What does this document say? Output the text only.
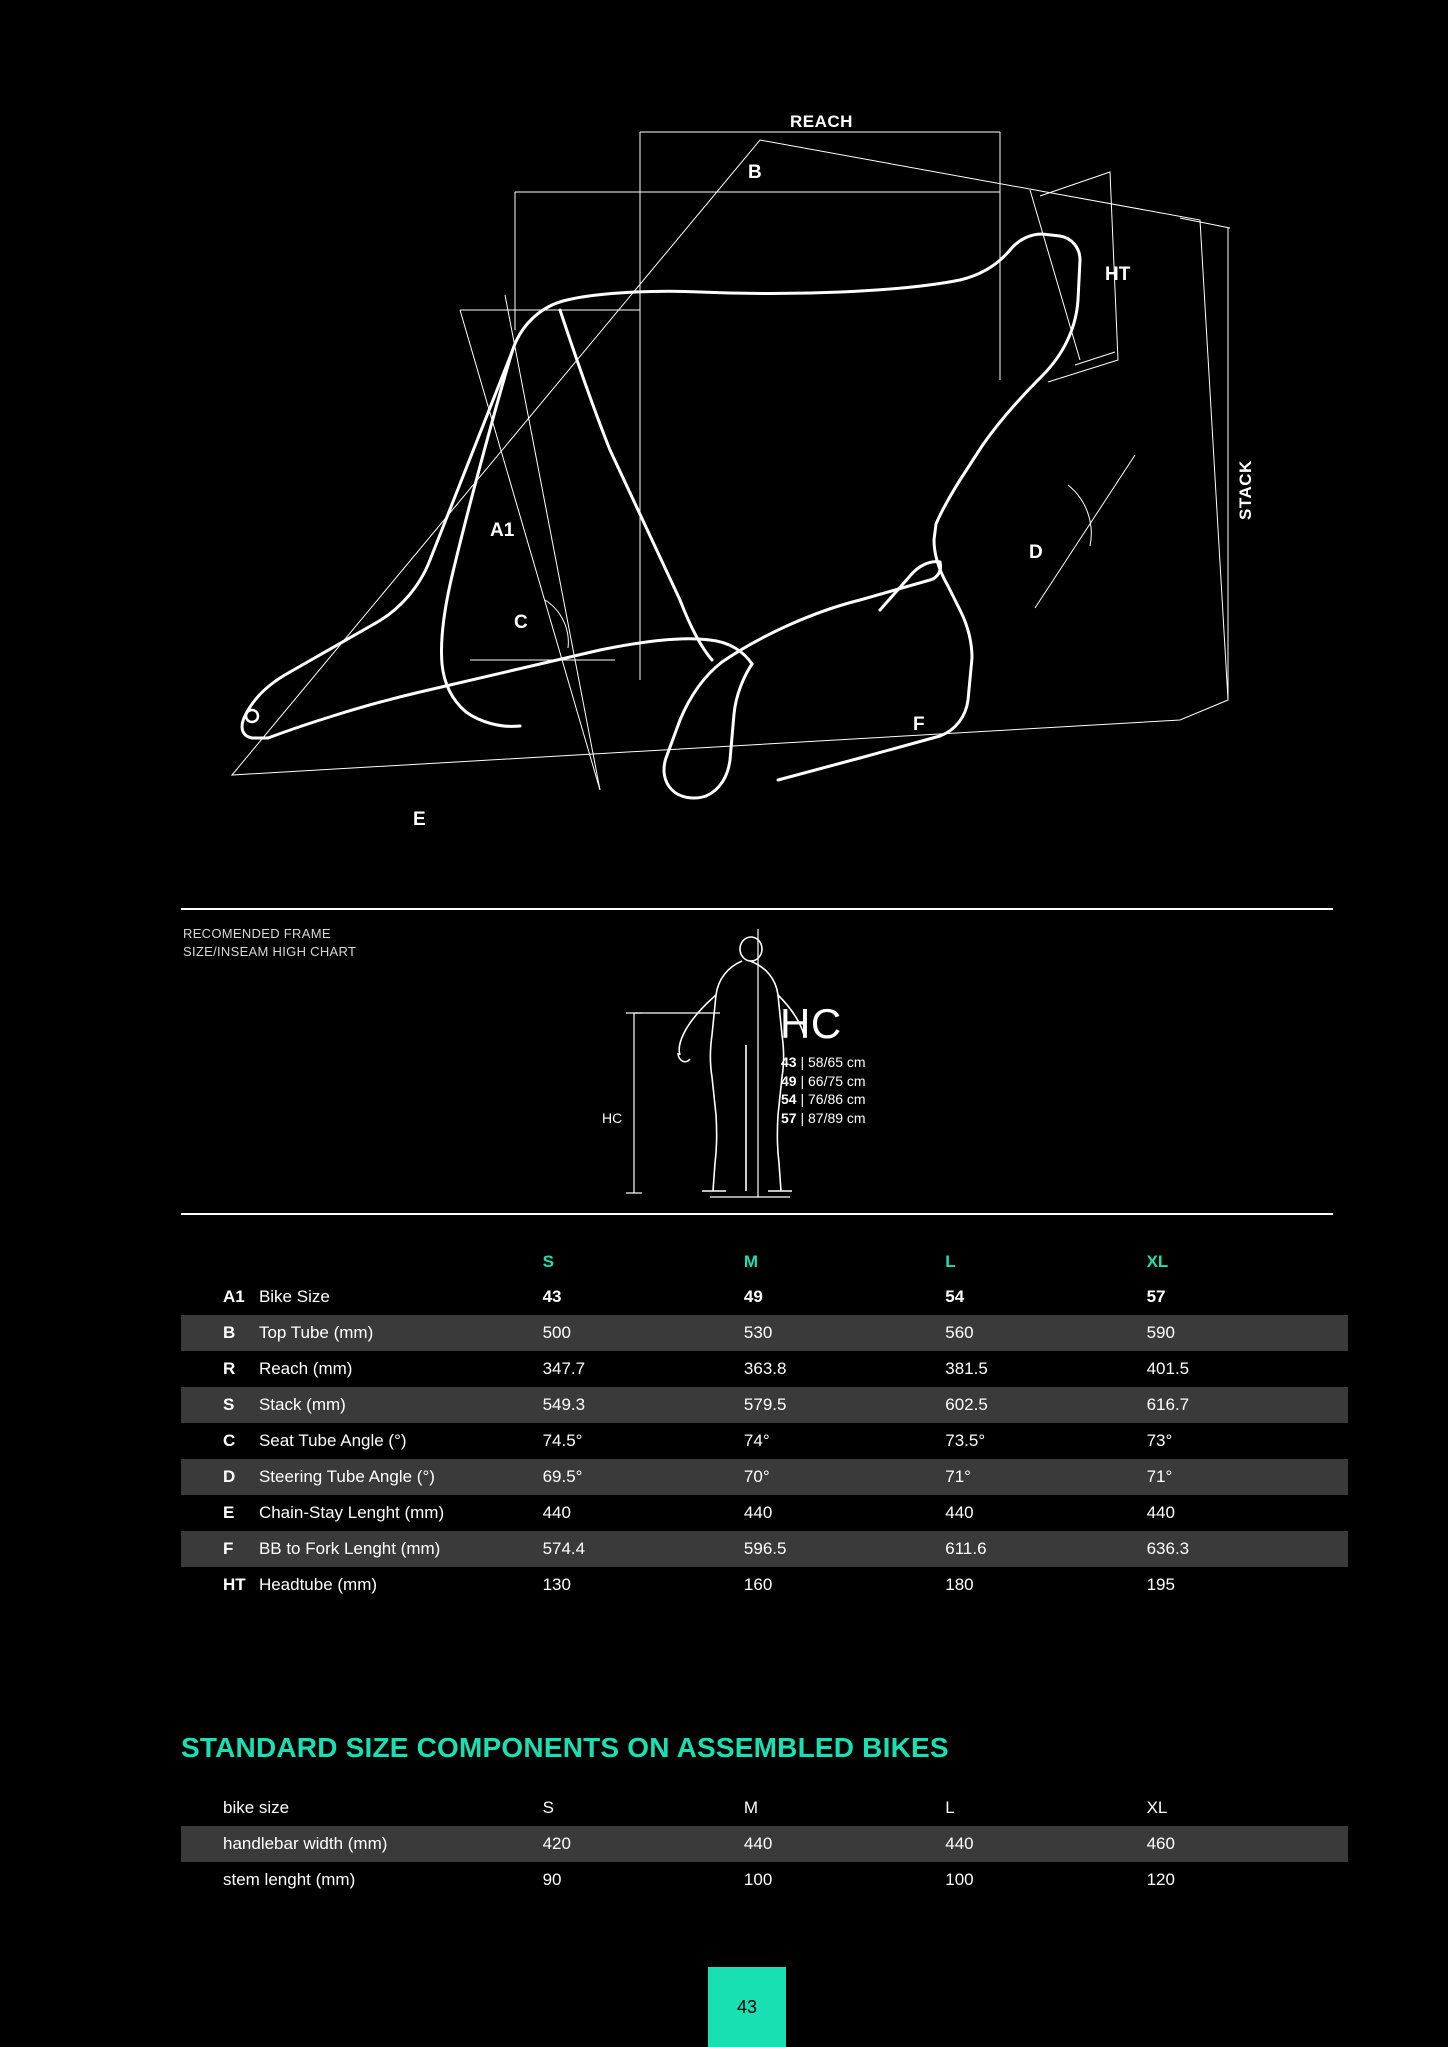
REACH
B
HT
STACK
A1
C
D
E
F
RECOMENDED FRAME
SIZE/INSEAM HIGH CHART
HC
HC
43 | 58/65 cm
49 | 66/75 cm
54 | 76/86 cm
57 | 87/89 cm
		S	M	L	XL
A1	Bike Size	43	49	54	57
B	Top Tube (mm)	500	530	560	590
R	Reach (mm)	347.7	363.8	381.5	401.5
S	Stack (mm)	549.3	579.5	602.5	616.7
C	Seat Tube Angle (°)	74.5°	74°	73.5°	73°
D	Steering Tube Angle (°)	69.5°	70°	71°	71°
E	Chain-Stay Lenght (mm)	440	440	440	440
F	BB to Fork Lenght (mm)	574.4	596.5	611.6	636.3
HT	Headtube (mm)	130	160	180	195
STANDARD SIZE COMPONENTS ON ASSEMBLED BIKES
bike size	S	M	L	XL
handlebar width (mm)	420	440	440	460
stem lenght (mm)	90	100	100	120
43
